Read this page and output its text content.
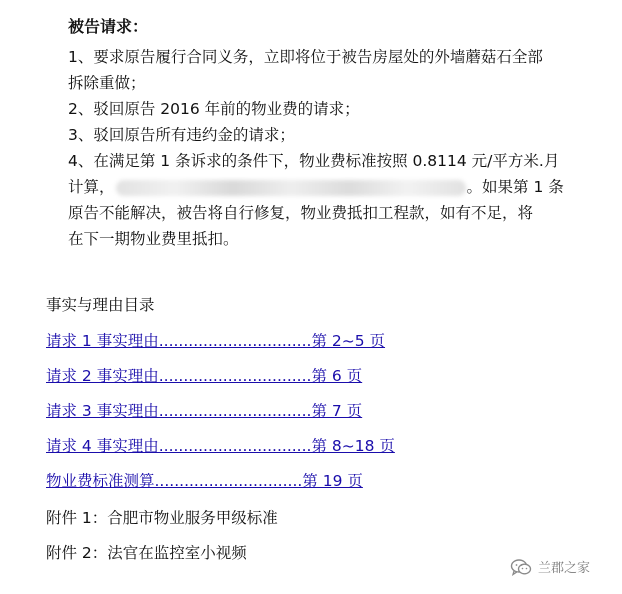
被告请求：
1、要求原告履行合同义务，立即将位于被告房屋处的外墙蘑菇石全部
拆除重做；
2、驳回原告 2016 年前的物业费的请求；
3、驳回原告所有违约金的请求；
4、在满足第 1 条诉求的条件下，物业费标准按照 0.8114 元/平方米.月
计算，	。如果第 1 条
原告不能解决，被告将自行修复，物业费抵扣工程款，如有不足，将
在下一期物业费里抵扣。
事实与理由目录
请求 1 事实理由...............................第 2~5 页
请求 2 事实理由...............................第 6 页
请求 3 事实理由...............................第 7 页
请求 4 事实理由...............................第 8~18 页
物业费标准测算..............................第 19 页
附件 1：合肥市物业服务甲级标准
附件 2：法官在监控室小视频
兰郡之家
